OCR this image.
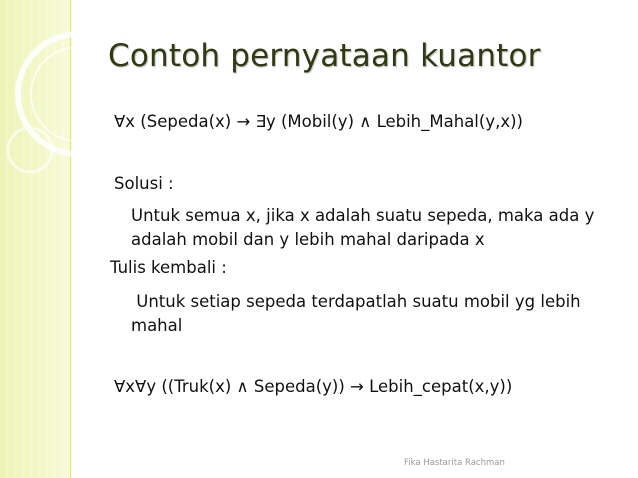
Contoh pernyataan kuantor
∀x (Sepeda(x) → ∃y (Mobil(y) ∧ Lebih_Mahal(y,x))
Solusi :
Untuk semua x, jika x adalah suatu sepeda, maka ada y
adalah mobil dan y lebih mahal daripada x
Tulis kembali :
Untuk setiap sepeda terdapatlah suatu mobil yg lebih
mahal
∀x∀y ((Truk(x) ∧ Sepeda(y)) → Lebih_cepat(x,y))
Fika Hastarita Rachman
